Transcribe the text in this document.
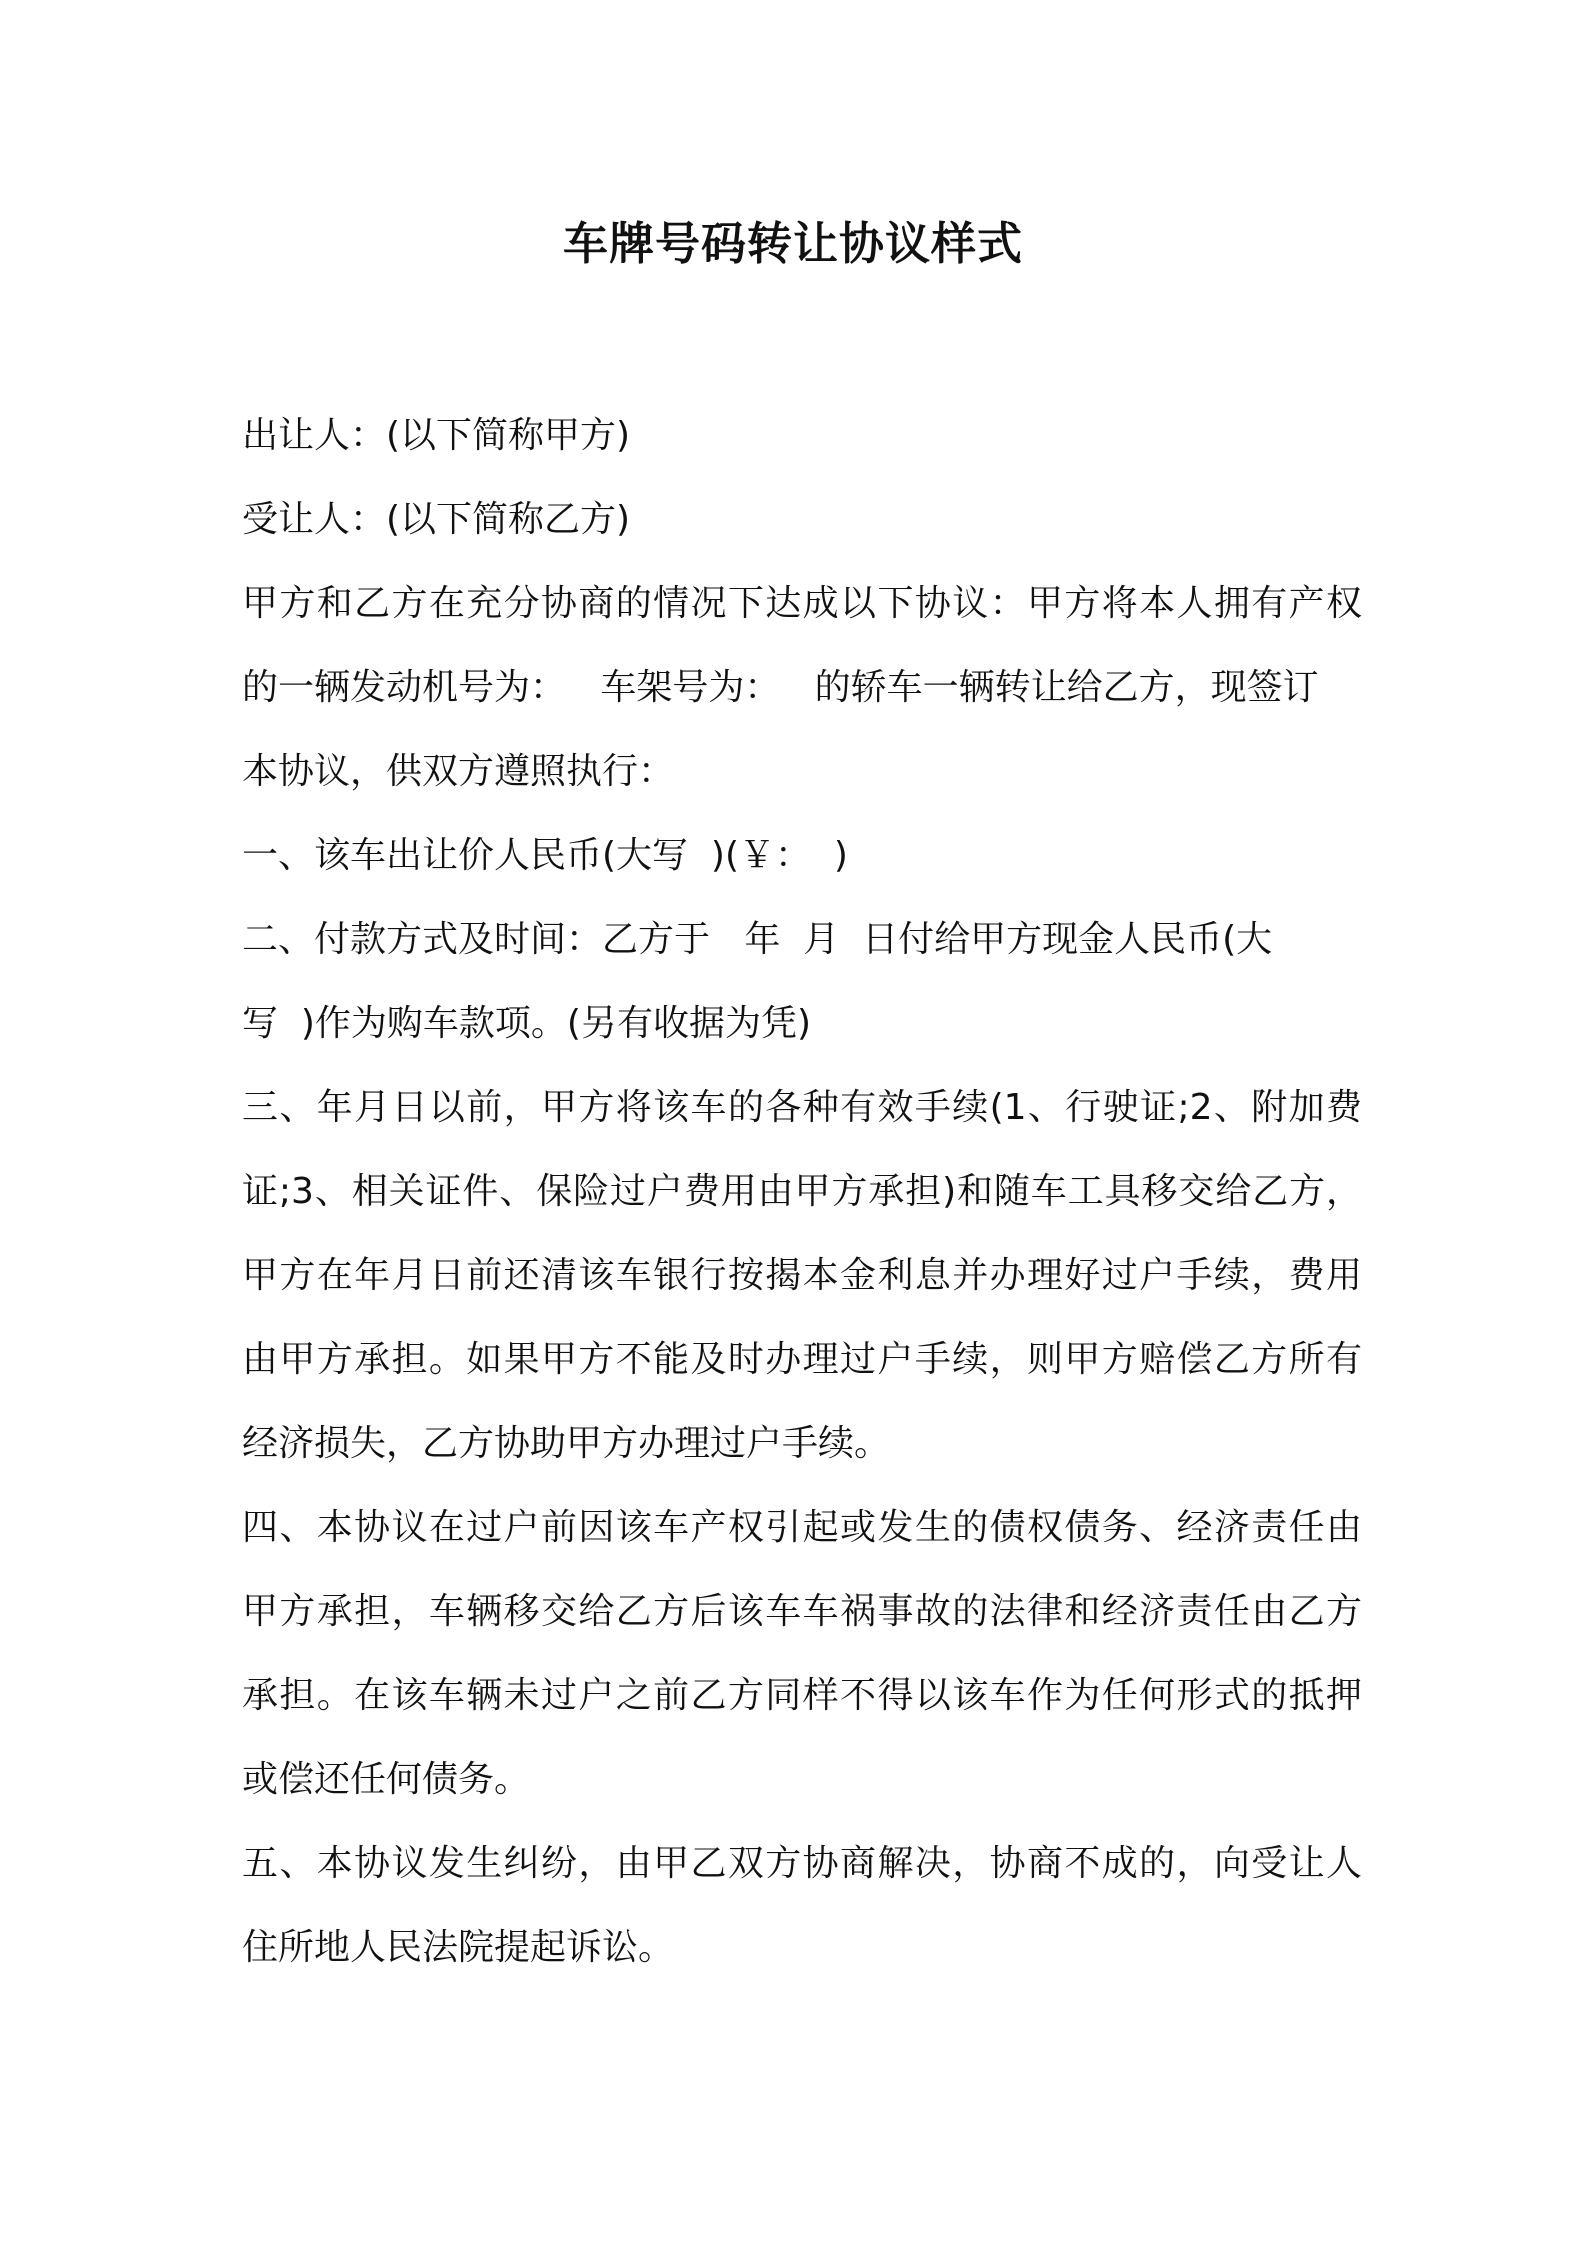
车牌号码转让协议样式

出让人：(以下简称甲方)

受让人：(以下简称乙方)

甲方和乙方在充分协商的情况下达成以下协议：甲方将本人拥有产权

的一辆发动机号为：   车架号为：   的轿车一辆转让给乙方，现签订

本协议，供双方遵照执行：

一、该车出让价人民币(大写  )(￥：  )

二、付款方式及时间：乙方于   年  月  日付给甲方现金人民币(大

写  )作为购车款项。(另有收据为凭)

三、年月日以前，甲方将该车的各种有效手续(1、行驶证;2、附加费

证;3、相关证件、保险过户费用由甲方承担)和随车工具移交给乙方，

甲方在年月日前还清该车银行按揭本金利息并办理好过户手续，费用

由甲方承担。如果甲方不能及时办理过户手续，则甲方赔偿乙方所有

经济损失，乙方协助甲方办理过户手续。

四、本协议在过户前因该车产权引起或发生的债权债务、经济责任由

甲方承担，车辆移交给乙方后该车车祸事故的法律和经济责任由乙方

承担。在该车辆未过户之前乙方同样不得以该车作为任何形式的抵押

或偿还任何债务。

五、本协议发生纠纷，由甲乙双方协商解决，协商不成的，向受让人

住所地人民法院提起诉讼。
